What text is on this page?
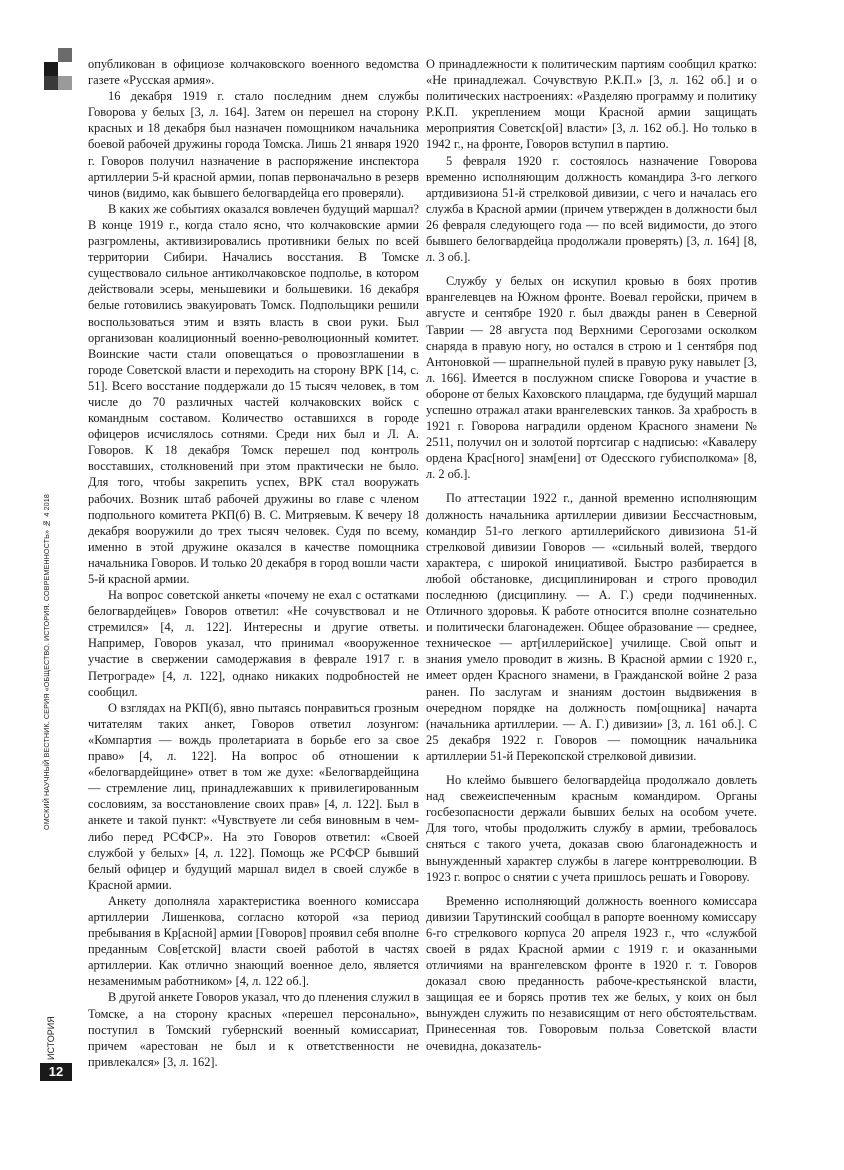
ОМСКИЙ НАУЧНЫЙ ВЕСТНИК. СЕРИЯ «ОБЩЕСТВО. ИСТОРИЯ. СОВРЕМЕННОСТЬ» № 4 2018
ИСТОРИЯ
12

опубликован в официозе колчаковского военного ведомства газете «Русская армия».

16 декабря 1919 г. стало последним днем службы Говорова у белых [3, л. 164]. Затем он перешел на сторону красных и 18 декабря был назначен помощником начальника боевой рабочей дружины города Томска. Лишь 21 января 1920 г. Говоров получил назначение в распоряжение инспектора артиллерии 5-й красной армии, попав первоначально в резерв чинов (видимо, как бывшего белогвардейца его проверяли).

В каких же событиях оказался вовлечен будущий маршал? В конце 1919 г., когда стало ясно, что колчаковские армии разгромлены, активизировались противники белых по всей территории Сибири. Начались восстания. В Томске существовало сильное антиколчаковское подполье, в котором действовали эсеры, меньшевики и большевики. 16 декабря белые готовились эвакуировать Томск. Подпольщики решили воспользоваться этим и взять власть в свои руки. Был организован коалиционный военно-революционный комитет. Воинские части стали оповещаться о провозглашении в городе Советской власти и переходить на сторону ВРК [14, с. 51]. Всего восстание поддержали до 15 тысяч человек, в том числе до 70 различных частей колчаковских войск с командным составом. Количество оставшихся в городе офицеров исчислялось сотнями. Среди них был и Л. А. Говоров. К 18 декабря Томск перешел под контроль восставших, столкновений при этом практически не было. Для того, чтобы закрепить успех, ВРК стал вооружать рабочих. Возник штаб рабочей дружины во главе с членом подпольного комитета РКП(б) В. С. Митряевым. К вечеру 18 декабря вооружили до трех тысяч человек. Судя по всему, именно в этой дружине оказался в качестве помощника начальника Говоров. И только 20 декабря в город вошли части 5-й красной армии.

На вопрос советской анкеты «почему не ехал с остатками белогвардейцев» Говоров ответил: «Не сочувствовал и не стремился» [4, л. 122]. Интересны и другие ответы. Например, Говоров указал, что принимал «вооруженное участие в свержении самодержавия в феврале 1917 г. в Петрограде» [4, л. 122], однако никаких подробностей не сообщил.

О взглядах на РКП(б), явно пытаясь понравиться грозным читателям таких анкет, Говоров ответил лозунгом: «Компартия — вождь пролетариата в борьбе его за свое право» [4, л. 122]. На вопрос об отношении к «белогвардейщине» ответ в том же духе: «Белогвардейщина — стремление лиц, принадлежавших к привилегированным сословиям, за восстановление своих прав» [4, л. 122]. Был в анкете и такой пункт: «Чувствуете ли себя виновным в чем-либо перед РСФСР». На это Говоров ответил: «Своей службой у белых» [4, л. 122]. Помощь же РСФСР бывший белый офицер и будущий маршал видел в своей службе в Красной армии.

Анкету дополняла характеристика военного комиссара артиллерии Лишенкова, согласно которой «за период пребывания в Кр[асной] армии [Говоров] проявил себя вполне преданным Сов[етской] власти своей работой в частях артиллерии. Как отлично знающий военное дело, является незаменимым работником» [4, л. 122 об.].

В другой анкете Говоров указал, что до пленения служил в Томске, а на сторону красных «перешел персонально», поступил в Томский губернский военный комиссариат, причем «арестован не был и к ответственности не привлекался» [3, л. 162].

О принадлежности к политическим партиям сообщил кратко: «Не принадлежал. Сочувствую Р.К.П.» [3, л. 162 об.] и о политических настроениях: «Разделяю программу и политику Р.К.П. укреплением мощи Красной армии защищать мероприятия Советск[ой] власти» [3, л. 162 об.]. Но только в 1942 г., на фронте, Говоров вступил в партию.

5 февраля 1920 г. состоялось назначение Говорова временно исполняющим должность командира 3-го легкого артдивизиона 51-й стрелковой дивизии, с чего и началась его служба в Красной армии (причем утвержден в должности был 26 февраля следующего года — по всей видимости, до этого бывшего белогвардейца продолжали проверять) [3, л. 164] [8, л. 3 об.].

Службу у белых он искупил кровью в боях против врангелевцев на Южном фронте. Воевал геройски, причем в августе и сентябре 1920 г. был дважды ранен в Северной Таврии — 28 августа под Верхними Серогозами осколком снаряда в правую ногу, но остался в строю и 1 сентября под Антоновкой — шрапнельной пулей в правую руку навылет [3, л. 166]. Имеется в послужном списке Говорова и участие в обороне от белых Каховского плацдарма, где будущий маршал успешно отражал атаки врангелевских танков. За храбрость в 1921 г. Говорова наградили орденом Красного знамени № 2511, получил он и золотой портсигар с надписью: «Кавалеру ордена Крас[ного] знам[ени] от Одесского губисполкома» [8, л. 2 об.].

По аттестации 1922 г., данной временно исполняющим должность начальника артиллерии дивизии Бессчастновым, командир 51-го легкого артиллерийского дивизиона 51-й стрелковой дивизии Говоров — «сильный волей, твердого характера, с широкой инициативой. Быстро разбирается в любой обстановке, дисциплинирован и строго проводил последнюю (дисциплину. — А. Г.) среди подчиненных. Отличного здоровья. К работе относится вполне сознательно и политически благонадежен. Общее образование — среднее, техническое — арт[иллерийское] училище. Свой опыт и знания умело проводит в жизнь. В Красной армии с 1920 г., имеет орден Красного знамени, в Гражданской войне 2 раза ранен. По заслугам и знаниям достоин выдвижения в очередном порядке на должность пом[ощника] начарта (начальника артиллерии. — А. Г.) дивизии» [3, л. 161 об.]. С 25 декабря 1922 г. Говоров — помощник начальника артиллерии 51-й Перекопской стрелковой дивизии.

Но клеймо бывшего белогвардейца продолжало довлеть над свежеиспеченным красным командиром. Органы госбезопасности держали бывших белых на особом учете. Для того, чтобы продолжить службу в армии, требовалось сняться с такого учета, доказав свою благонадежность и вынужденный характер службы в лагере контрреволюции. В 1923 г. вопрос о снятии с учета пришлось решать и Говорову.

Временно исполняющий должность военного комиссара дивизии Тарутинский сообщал в рапорте военному комиссару 6-го стрелкового корпуса 20 апреля 1923 г., что «службой своей в рядах Красной армии с 1919 г. и оказанными отличиями на врангелевском фронте в 1920 г. т. Говоров доказал свою преданность рабоче-крестьянской власти, защищая ее и борясь против тех же белых, у коих он был вынужден служить по независящим от него обстоятельствам. Принесенная тов. Говоровым польза Советской власти очевидна, доказатель-
